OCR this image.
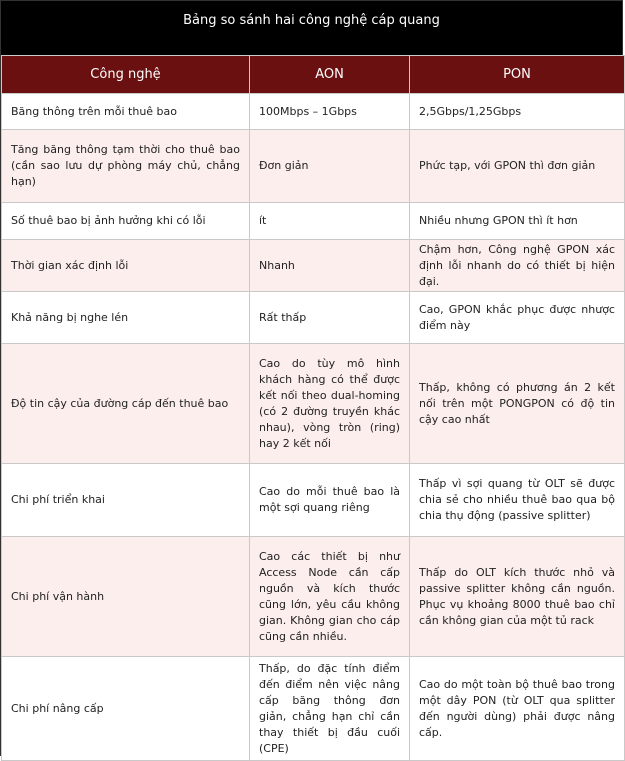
Bảng so sánh hai công nghệ cáp quang
Công nghệ	AON	PON
Băng thông trên mỗi thuê bao	100Mbps – 1Gbps	2,5Gbps/1,25Gbps
Tăng băng thông tạm thời cho thuê bao (cần sao lưu dự phòng máy chủ, chẳng hạn)	Đơn giản	Phức tạp, với GPON thì đơn giản
Số thuê bao bị ảnh hưởng khi có lỗi	ít	Nhiều nhưng GPON thì ít hơn
Thời gian xác định lỗi	Nhanh	Chậm hơn, Công nghệ GPON xác định lỗi nhanh do có thiết bị hiện đại.
Khả năng bị nghe lén	Rất thấp	Cao, GPON khắc phục được nhược điểm này
Độ tin cậy của đường cáp đến thuê bao	Cao do tùy mô hình khách hàng có thể được kết nối theo dual-homing (có 2 đường truyền khác nhau), vòng tròn (ring) hay 2 kết nối	Thấp, không có phương án 2 kết nối trên một PONGPON có độ tin cậy cao nhất
Chi phí triển khai	Cao do mỗi thuê bao là một sợi quang riêng	Thấp vì sợi quang từ OLT sẽ được chia sẻ cho nhiều thuê bao qua bộ chia thụ động (passive splitter)
Chi phí vận hành	Cao các thiết bị như Access Node cần cấp nguồn và kích thước cũng lớn, yêu cầu không gian. Không gian cho cáp cũng cần nhiều.	Thấp do OLT kích thước nhỏ và passive splitter không cần nguồn. Phục vụ khoảng 8000 thuê bao chỉ cần không gian của một tủ rack
Chi phí nâng cấp	Thấp, do đặc tính điểm đến điểm nên việc nâng cấp băng thông đơn giản, chẳng hạn chỉ cần thay thiết bị đầu cuối (CPE)	Cao do một toàn bộ thuê bao trong một dây PON (từ OLT qua splitter đến người dùng) phải được nâng cấp.
